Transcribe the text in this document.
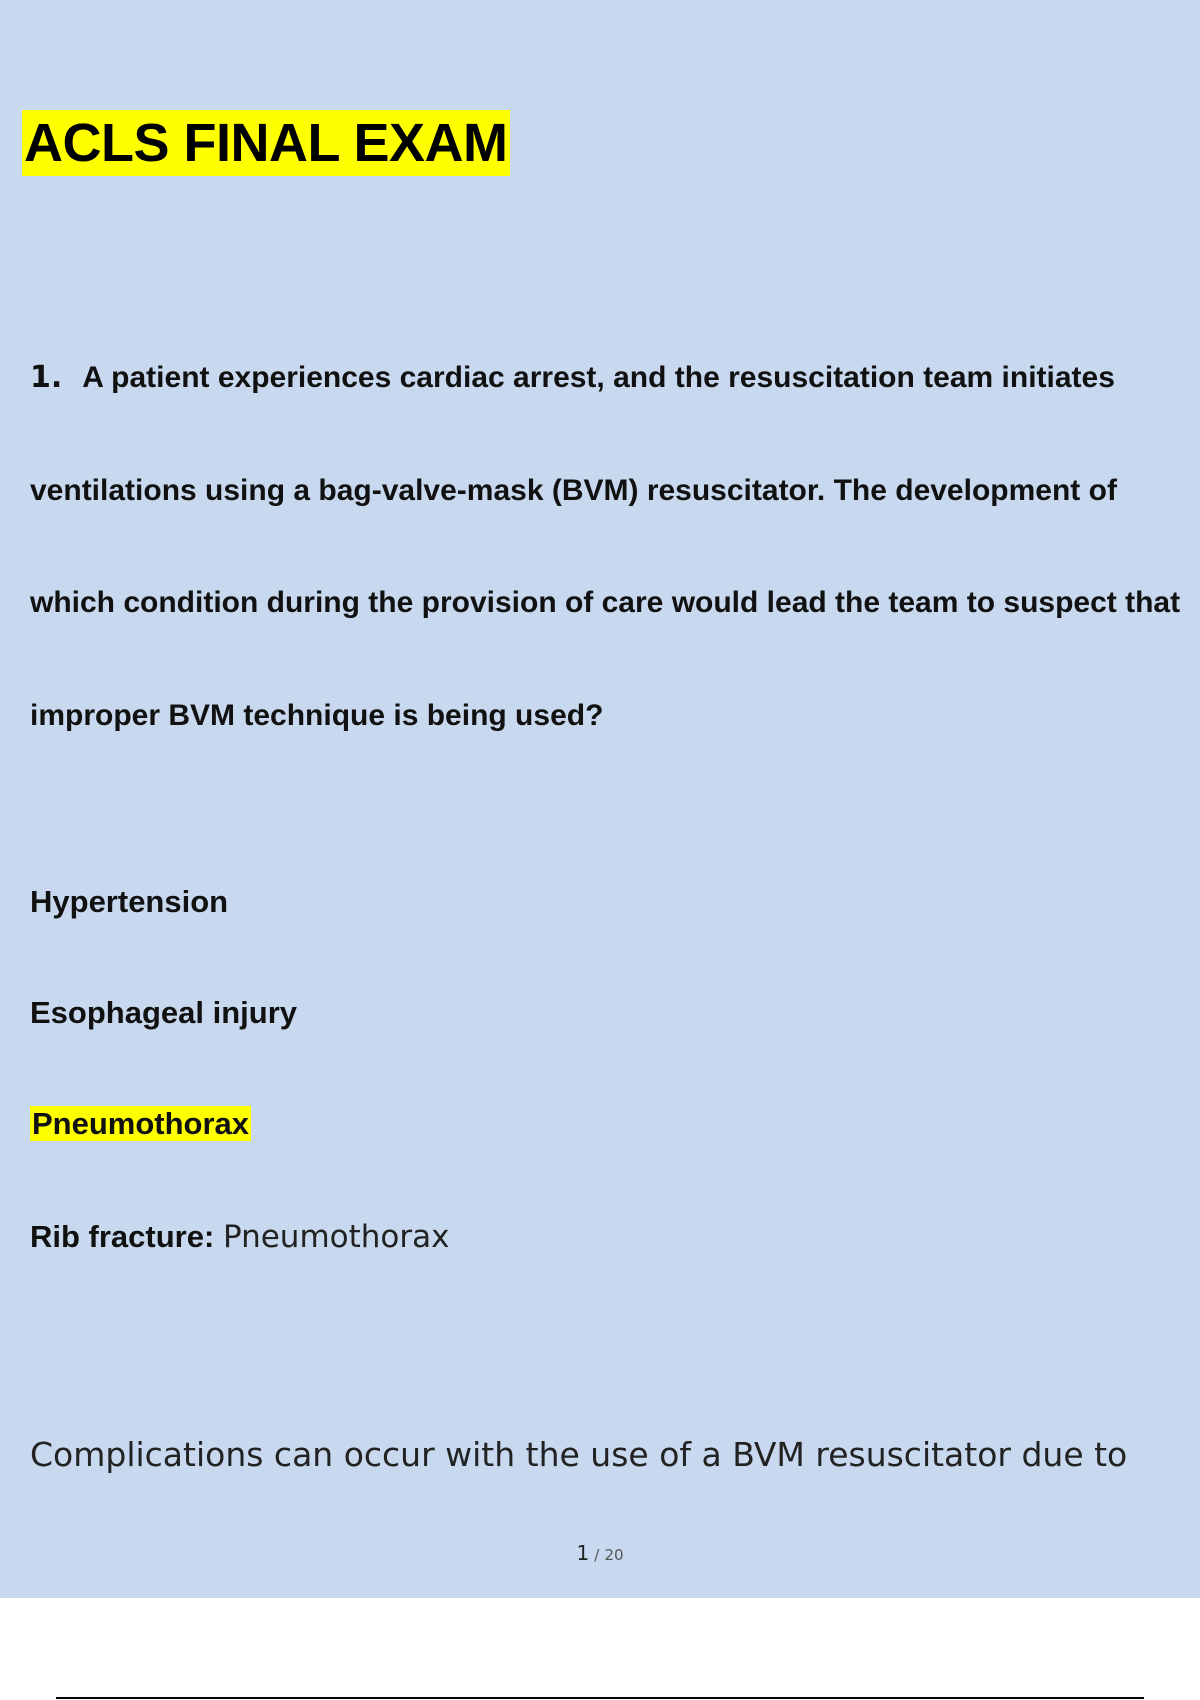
ACLS FINAL EXAM

1. A patient experiences cardiac arrest, and the resuscitation team initiates ventilations using a bag-valve-mask (BVM) resuscitator. The development of which condition during the provision of care would lead the team to suspect that improper BVM technique is being used?

Hypertension

Esophageal injury

Pneumothorax

Rib fracture: Pneumothorax

Complications can occur with the use of a BVM resuscitator due to

1 / 20
